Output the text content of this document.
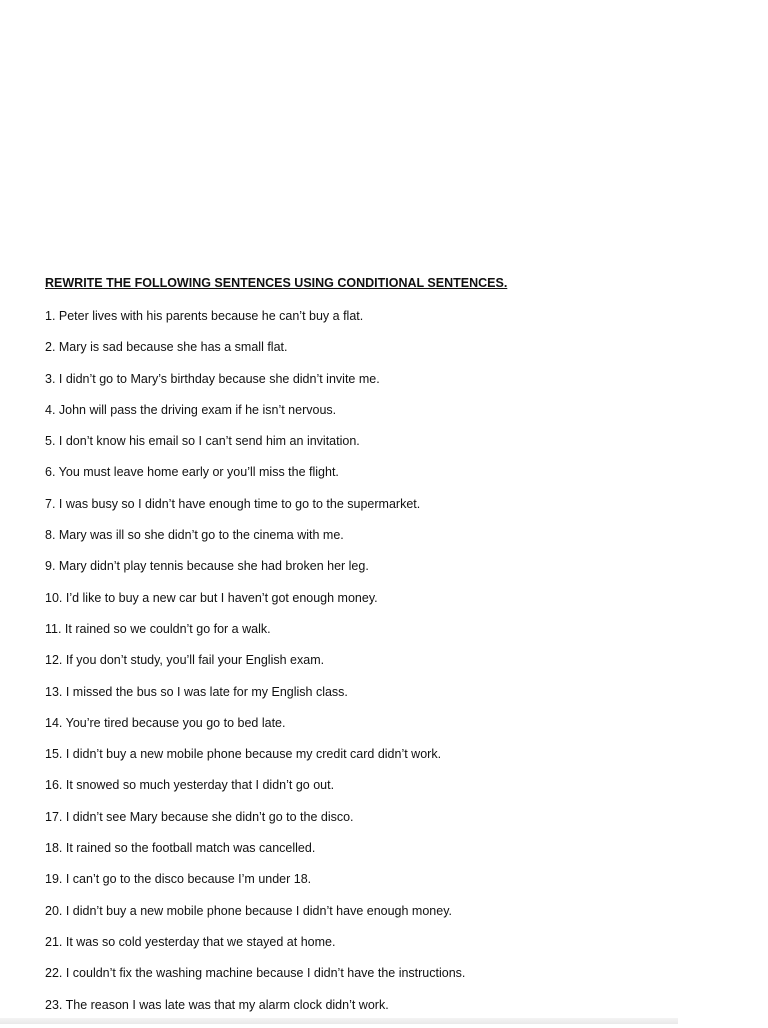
REWRITE THE FOLLOWING SENTENCES USING CONDITIONAL SENTENCES.
1. Peter lives with his parents because he can’t buy a flat.
2. Mary is sad because she has a small flat.
3. I didn’t go to Mary’s birthday because she didn’t invite me.
4. John will pass the driving exam if he isn’t nervous.
5. I don’t know his email so I can’t send him an invitation.
6. You must leave home early or you’ll miss the flight.
7. I was busy so I didn’t have enough time to go to the supermarket.
8. Mary was ill so she didn’t go to the cinema with me.
9. Mary didn’t play tennis because she had broken her leg.
10. I’d like to buy a new car but I haven’t got enough money.
11. It rained so we couldn’t go for a walk.
12. If you don’t study, you’ll fail your English exam.
13. I missed the bus so I was late for my English class.
14. You’re tired because you go to bed late.
15. I didn’t buy a new mobile phone because my credit card didn’t work.
16. It snowed so much yesterday that I didn’t go out.
17. I didn’t see Mary because she didn’t go to the disco.
18. It rained so the football match was cancelled.
19. I can’t go to the disco because I’m under 18.
20. I didn’t buy a new mobile phone because I didn’t have enough money.
21. It was so cold yesterday that we stayed at home.
22. I couldn’t fix the washing machine because I didn’t have the instructions.
23. The reason I was late was that my alarm clock didn’t work.
